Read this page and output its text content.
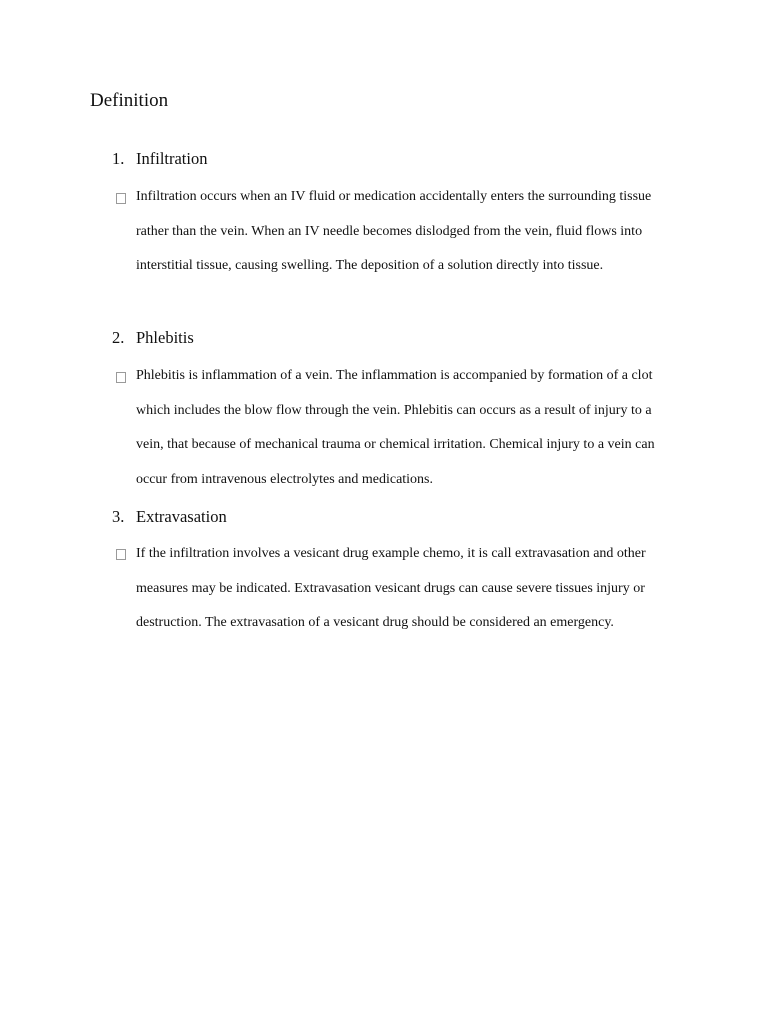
Definition
1. Infiltration

Infiltration occurs when an IV fluid or medication accidentally enters the surrounding tissue rather than the vein. When an IV needle becomes dislodged from the vein, fluid flows into interstitial tissue, causing swelling. The deposition of a solution directly into tissue.

2. Phlebitis

Phlebitis is inflammation of a vein. The inflammation is accompanied by formation of a clot which includes the blow flow through the vein. Phlebitis can occurs as a result of injury to a vein, that because of mechanical trauma or chemical irritation. Chemical injury to a vein can occur from intravenous electrolytes and medications.

3. Extravasation

If the infiltration involves a vesicant drug example chemo, it is call extravasation and other measures may be indicated. Extravasation vesicant drugs can cause severe tissues injury or destruction. The extravasation of a vesicant drug should be considered an emergency.
